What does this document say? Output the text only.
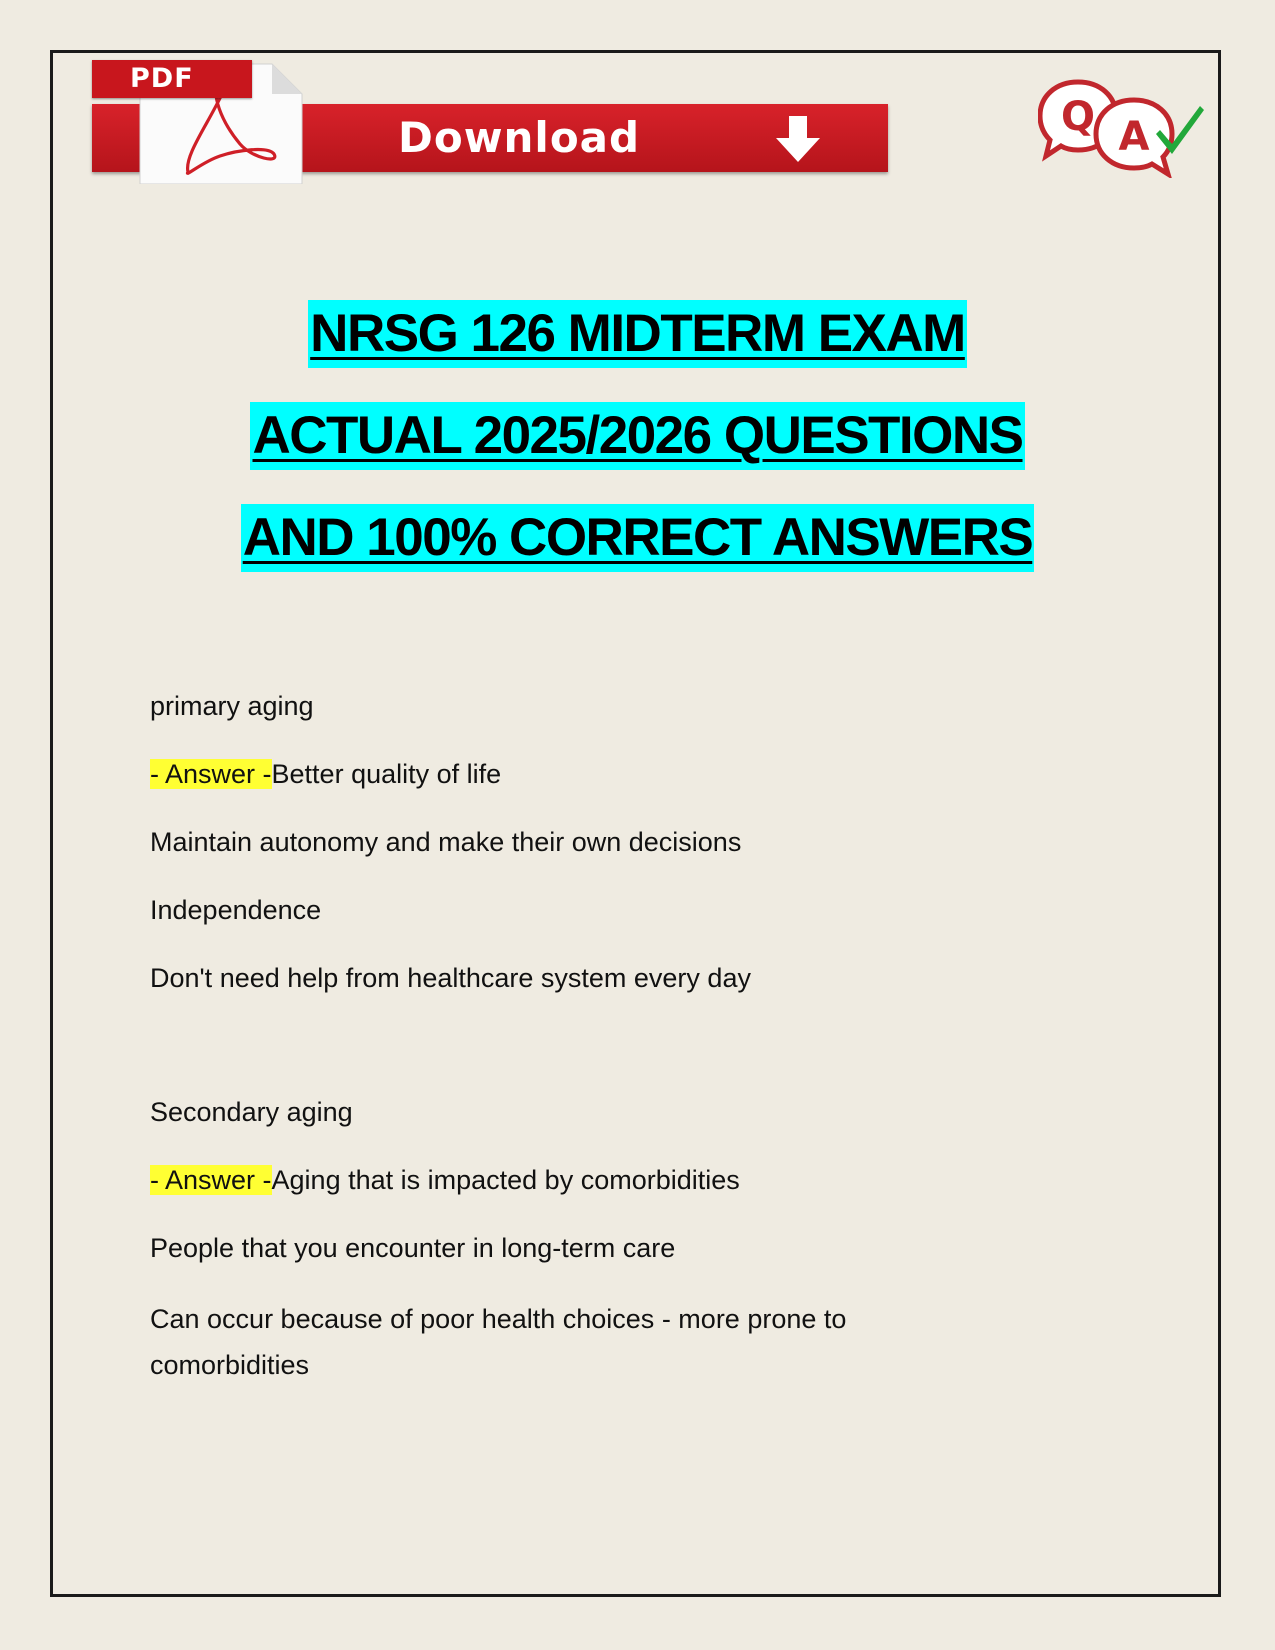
Download
PDF
Q A
NRSG 126 MIDTERM EXAM
ACTUAL 2025/2026 QUESTIONS
AND 100% CORRECT ANSWERS

primary aging

- Answer -Better quality of life

Maintain autonomy and make their own decisions

Independence

Don't need help from healthcare system every day

Secondary aging

- Answer -Aging that is impacted by comorbidities

People that you encounter in long-term care

Can occur because of poor health choices - more prone to comorbidities
